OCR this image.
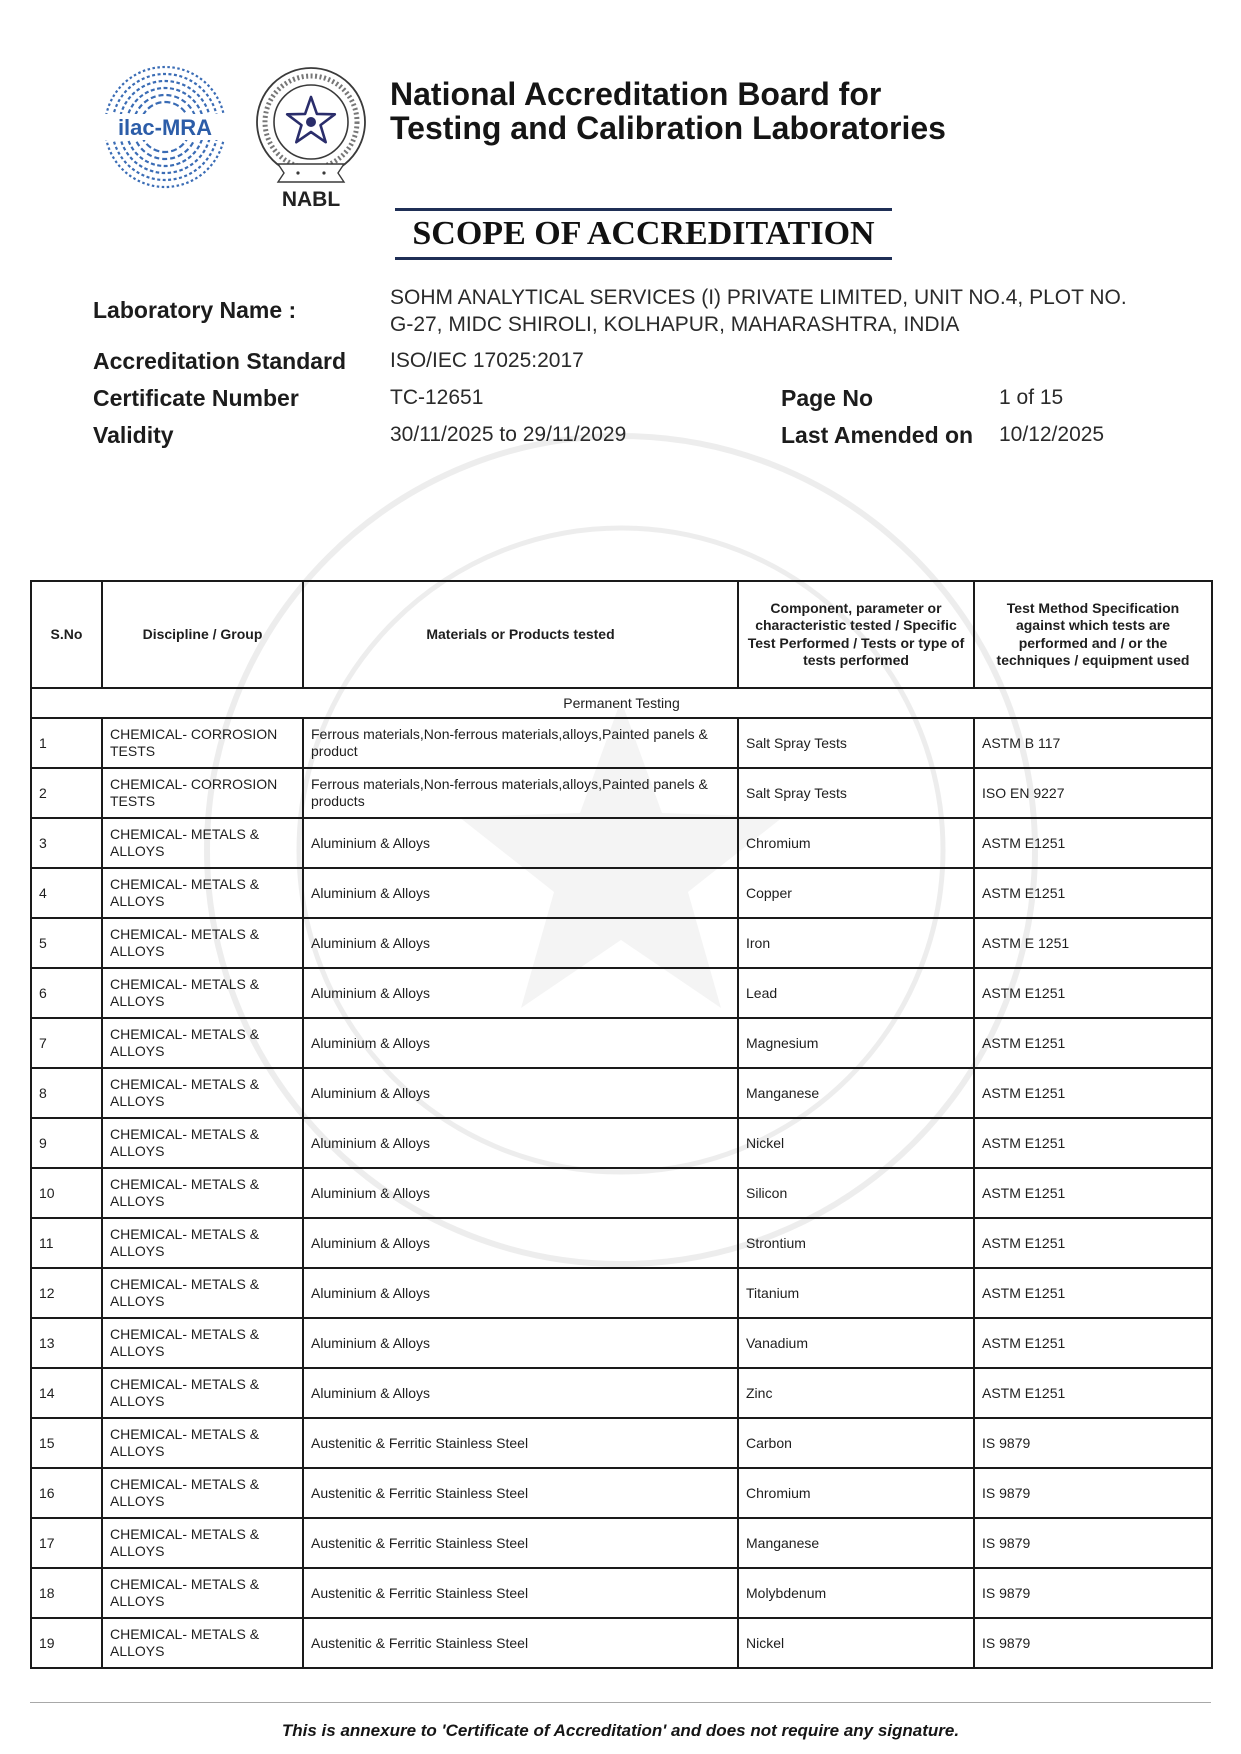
ilac-MRA
NABL
National Accreditation Board for
Testing and Calibration Laboratories
SCOPE OF ACCREDITATION
Laboratory Name :	SOHM ANALYTICAL SERVICES (I) PRIVATE LIMITED, UNIT NO.4, PLOT NO.
G-27, MIDC SHIROLI, KOLHAPUR, MAHARASHTRA, INDIA
Accreditation Standard ISO/IEC 17025:2017
Certificate Number	TC-12651	Page No	1 of 15
Validity	30/11/2025 to 29/11/2029	Last Amended on 10/12/2025
S.No	Discipline / Group	Materials or Products tested	Component, parameter or characteristic tested / Specific Test Performed / Tests or type of tests performed	Test Method Specification against which tests are performed and / or the techniques / equipment used
Permanent Testing				
1	CHEMICAL- CORROSION TESTS	Ferrous materials,Non-ferrous materials,alloys,Painted panels & product	Salt Spray Tests	ASTM B 117
2	CHEMICAL- CORROSION TESTS	Ferrous materials,Non-ferrous materials,alloys,Painted panels & products	Salt Spray Tests	ISO EN 9227
3	CHEMICAL- METALS & ALLOYS	Aluminium & Alloys	Chromium	ASTM E1251
4	CHEMICAL- METALS & ALLOYS	Aluminium & Alloys	Copper	ASTM E1251
5	CHEMICAL- METALS & ALLOYS	Aluminium & Alloys	Iron	ASTM E 1251
6	CHEMICAL- METALS & ALLOYS	Aluminium & Alloys	Lead	ASTM E1251
7	CHEMICAL- METALS & ALLOYS	Aluminium & Alloys	Magnesium	ASTM E1251
8	CHEMICAL- METALS & ALLOYS	Aluminium & Alloys	Manganese	ASTM E1251
9	CHEMICAL- METALS & ALLOYS	Aluminium & Alloys	Nickel	ASTM E1251
10	CHEMICAL- METALS & ALLOYS	Aluminium & Alloys	Silicon	ASTM E1251
11	CHEMICAL- METALS & ALLOYS	Aluminium & Alloys	Strontium	ASTM E1251
12	CHEMICAL- METALS & ALLOYS	Aluminium & Alloys	Titanium	ASTM E1251
13	CHEMICAL- METALS & ALLOYS	Aluminium & Alloys	Vanadium	ASTM E1251
14	CHEMICAL- METALS & ALLOYS	Aluminium & Alloys	Zinc	ASTM E1251
15	CHEMICAL- METALS & ALLOYS	Austenitic & Ferritic Stainless Steel	Carbon	IS 9879
16	CHEMICAL- METALS & ALLOYS	Austenitic & Ferritic Stainless Steel	Chromium	IS 9879
17	CHEMICAL- METALS & ALLOYS	Austenitic & Ferritic Stainless Steel	Manganese	IS 9879
18	CHEMICAL- METALS & ALLOYS	Austenitic & Ferritic Stainless Steel	Molybdenum	IS 9879
19	CHEMICAL- METALS & ALLOYS	Austenitic & Ferritic Stainless Steel	Nickel	IS 9879
This is annexure to 'Certificate of Accreditation' and does not require any signature.
